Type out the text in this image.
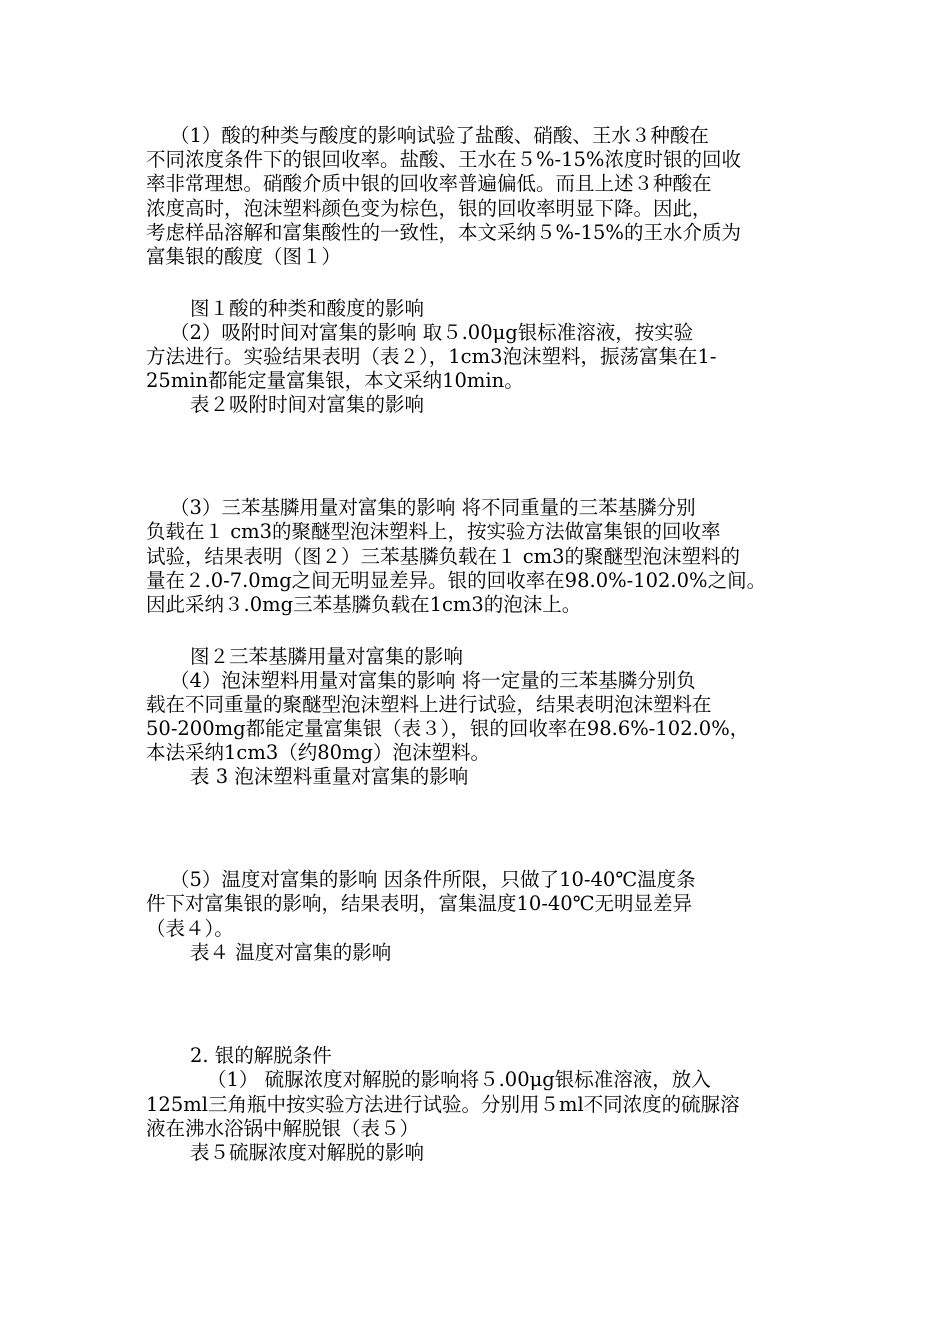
（1）酸的种类与酸度的影响试验了盐酸、硝酸、王水３种酸在
不同浓度条件下的银回收率。盐酸、王水在５%-15%浓度时银的回收
率非常理想。硝酸介质中银的回收率普遍偏低。而且上述３种酸在
浓度高时，泡沫塑料颜色变为棕色，银的回收率明显下降。因此，
考虑样品溶解和富集酸性的一致性，本文采纳５%-15%的王水介质为
富集银的酸度（图１）
图１酸的种类和酸度的影响
（2）吸附时间对富集的影响 取５.00μg银标准溶液，按实验
方法进行。实验结果表明（表２），1cm3泡沫塑料，振荡富集在1-
25min都能定量富集银，本文采纳10min。
表２吸附时间对富集的影响
（3）三苯基膦用量对富集的影响 将不同重量的三苯基膦分别
负载在１ cm3的聚醚型泡沫塑料上，按实验方法做富集银的回收率
试验，结果表明（图２）三苯基膦负载在１ cm3的聚醚型泡沫塑料的
量在２.0-7.0mg之间无明显差异。银的回收率在98.0%-102.0%之间。
因此采纳３.0mg三苯基膦负载在1cm3的泡沫上。
图２三苯基膦用量对富集的影响
（4）泡沫塑料用量对富集的影响 将一定量的三苯基膦分别负
载在不同重量的聚醚型泡沫塑料上进行试验，结果表明泡沫塑料在
50-200mg都能定量富集银（表３），银的回收率在98.6%-102.0%，
本法采纳1cm3（约80mg）泡沫塑料。
表 3 泡沫塑料重量对富集的影响
（5）温度对富集的影响 因条件所限，只做了10-40℃温度条
件下对富集银的影响，结果表明，富集温度10-40℃无明显差异
（表４）。
表４ 温度对富集的影响
2. 银的解脱条件
（1） 硫脲浓度对解脱的影响将５.00μg银标准溶液，放入
125ml三角瓶中按实验方法进行试验。分别用５ml不同浓度的硫脲溶
液在沸水浴锅中解脱银（表５）
表５硫脲浓度对解脱的影响
